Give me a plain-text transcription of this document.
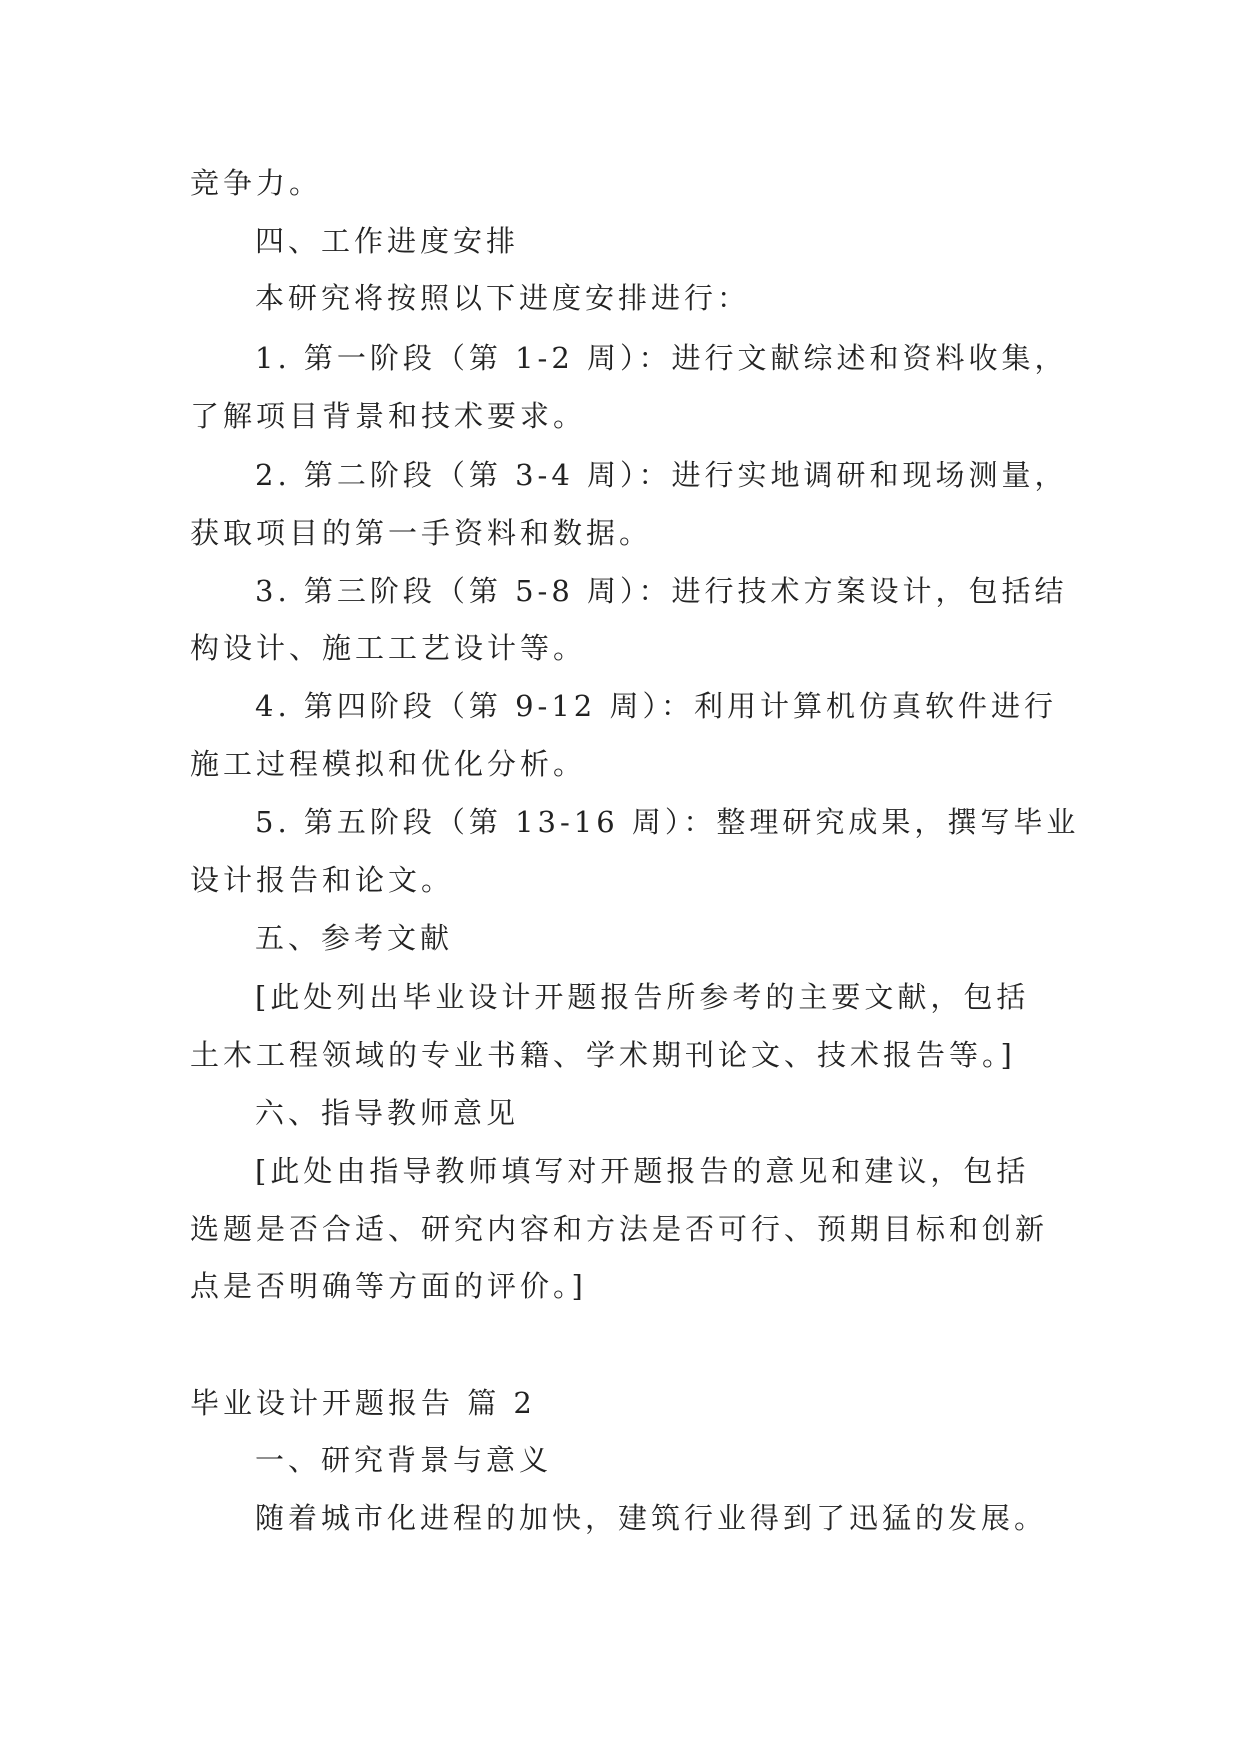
竞争力。
四、工作进度安排
本研究将按照以下进度安排进行：
1. 第一阶段（第 1-2 周）：进行文献综述和资料收集，
了解项目背景和技术要求。
2. 第二阶段（第 3-4 周）：进行实地调研和现场测量，
获取项目的第一手资料和数据。
3. 第三阶段（第 5-8 周）：进行技术方案设计，包括结
构设计、施工工艺设计等。
4. 第四阶段（第 9-12 周）：利用计算机仿真软件进行
施工过程模拟和优化分析。
5. 第五阶段（第 13-16 周）：整理研究成果，撰写毕业
设计报告和论文。
五、参考文献
[此处列出毕业设计开题报告所参考的主要文献，包括
土木工程领域的专业书籍、学术期刊论文、技术报告等。]
六、指导教师意见
[此处由指导教师填写对开题报告的意见和建议，包括
选题是否合适、研究内容和方法是否可行、预期目标和创新
点是否明确等方面的评价。]
毕业设计开题报告 篇 2
一、研究背景与意义
随着城市化进程的加快，建筑行业得到了迅猛的发展。
